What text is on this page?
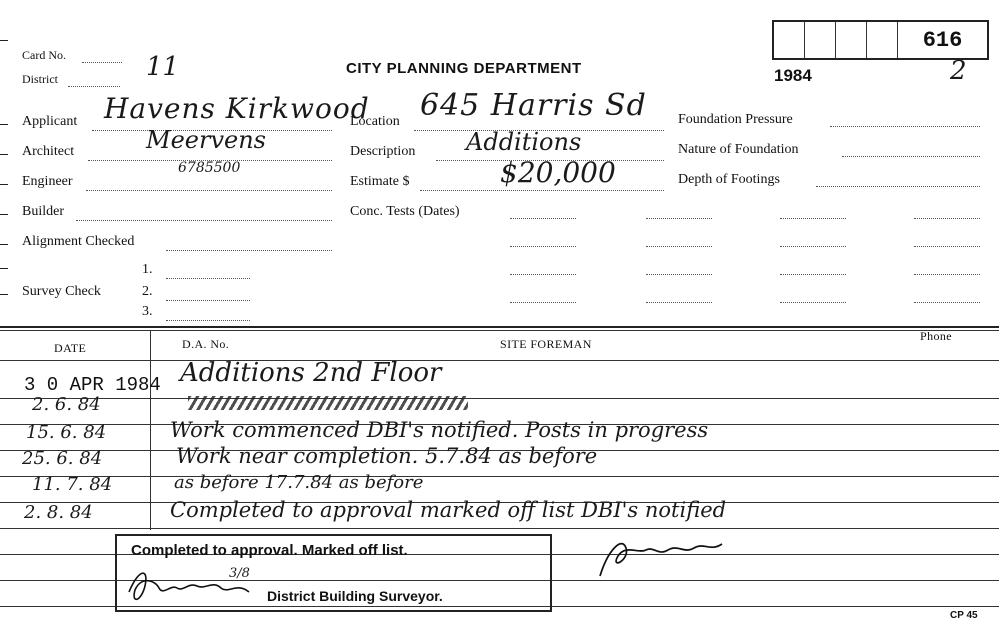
Card No.
District	11	CITY PLANNING DEPARTMENT	1984	2
616
Applicant Havens Kirkwood
Architect	Meervens
6785500
Engineer
Builder
Alignment Checked
1.
Survey Check	2.
3.
Location 645 Harris Sd
Description Additions
Estimate $	$20,000
Conc. Tests (Dates)
Foundation Pressure
Nature of Foundation
Depth of Footings
DATE	D.A. No.	SITE FOREMAN
Phone
3 0 APR 1984 Additions 2nd Floor
2. 6. 84
15. 6. 84	Work commenced DBI's notified. Posts in progress
25. 6. 84	Work near completion. 5.7.84 as before
11. 7. 84	as before 17.7.84 as before
2. 8. 84	Completed to approval marked off list DBI's notified
Completed to approval. Marked off list.
District Building Surveyor.
3/8
CP 45
